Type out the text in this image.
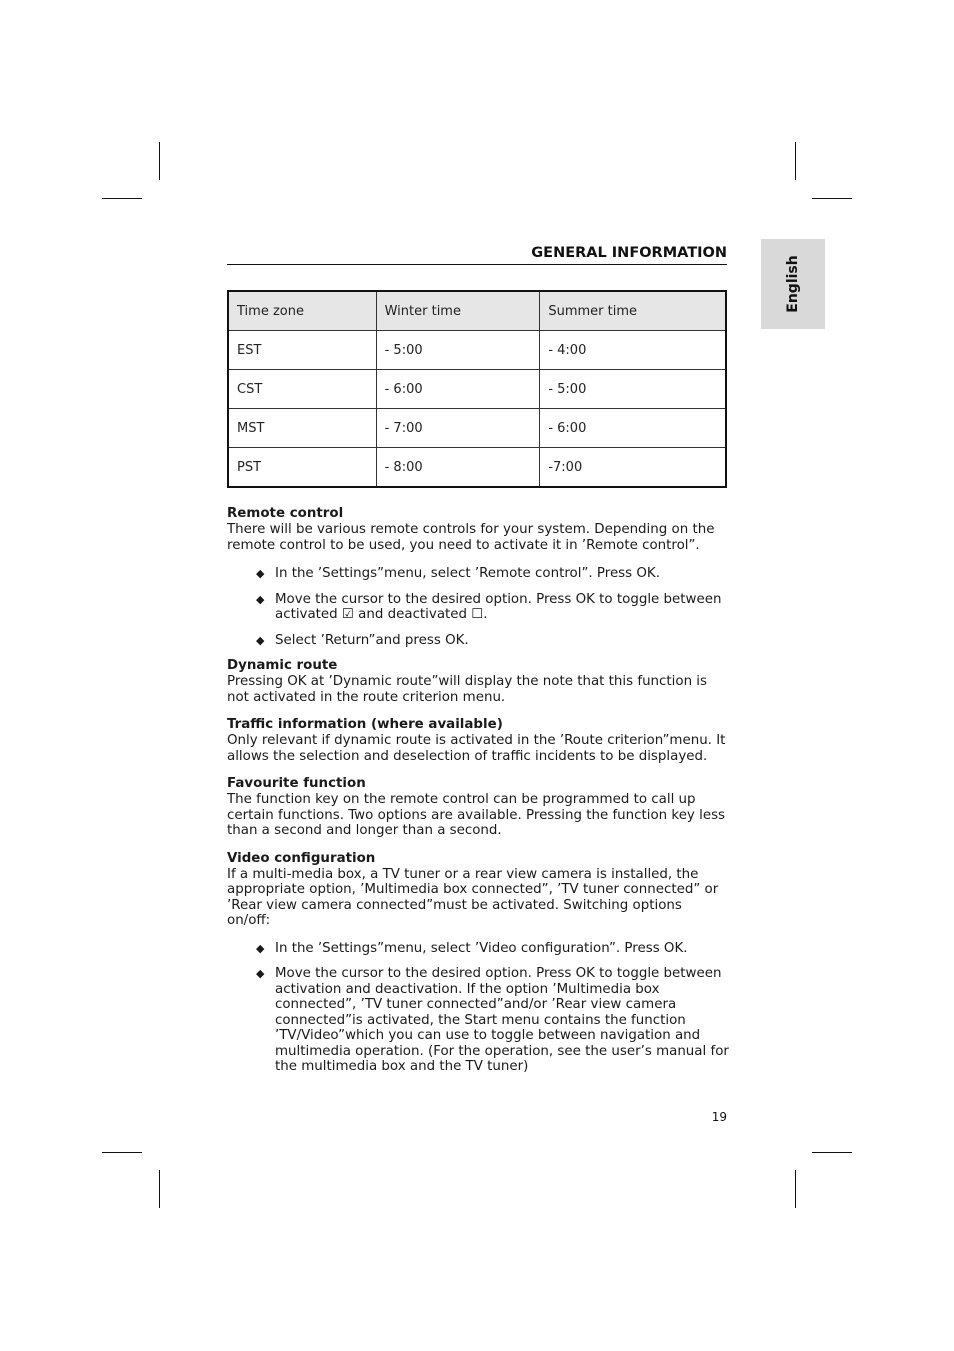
English
GENERAL INFORMATION
Time zone	Winter time	Summer time
EST	- 5:00	- 4:00
CST	- 6:00	- 5:00
MST	- 7:00	- 6:00
PST	- 8:00	-7:00
Remote control

There will be various remote controls for your system. Depending on the remote control to be used, you need to activate it in ’Remote control”.

◆ In the ’Settings”menu, select ’Remote control”. Press OK.
◆ Move the cursor to the desired option. Press OK to toggle between activated ☑ and deactivated ☐.
◆ Select ’Return”and press OK.
Dynamic route

Pressing OK at ’Dynamic route”will display the note that this function is not activated in the route criterion menu.

Traffic information (where available)

Only relevant if dynamic route is activated in the ’Route criterion”menu. It allows the selection and deselection of traffic incidents to be displayed.

Favourite function

The function key on the remote control can be programmed to call up certain functions. Two options are available. Pressing the function key less than a second and longer than a second.

Video configuration

If a multi-media box, a TV tuner or a rear view camera is installed, the appropriate option, ’Multimedia box connected”, ’TV tuner connected” or ’Rear view camera connected”must be activated. Switching options on/off:

◆ In the ’Settings”menu, select ’Video configuration”. Press OK.
◆ Move the cursor to the desired option. Press OK to toggle between activation and deactivation. If the option ’Multimedia box connected”, ’TV tuner connected”and/or ’Rear view camera connected”is activated, the Start menu contains the function ’TV/Video”which you can use to toggle between navigation and multimedia operation. (For the operation, see the user’s manual for the multimedia box and the TV tuner)
19
